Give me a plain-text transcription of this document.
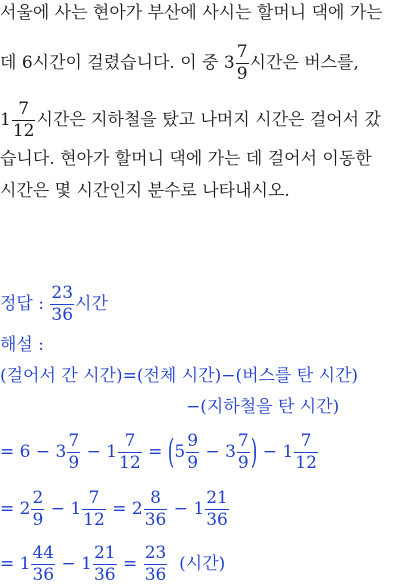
서울에 사는 현아가 부산에 사시는 할머니 댁에 가는
데 6시간이 걸렸습니다. 이 중 $3 \frac{7}{9}$ 시간은 버스를,
$1 \frac{7}{12}$ 시간은 지하철을 탔고 나머지 시간은 걸어서 갔
습니다. 현아가 할머니 댁에 가는 데 걸어서 이동한
시간은 몇 시간인지 분수로 나타내시오.
정답 : $\frac{23}{36}$ 시간
해설 :
(걸어서 간 시간)=(전체 시간)−(버스를 탄 시간)
−(지하철을 탄 시간)
= $6 - 3 \frac{7}{9} - 1 \frac{7}{12} = (5 \frac{9}{9} - 3 \frac{7}{9}$ ) − $1 \frac{7}{12}$
= $2 \frac{2}{9} - 1 \frac{7}{12} = 2 \frac{8}{36} - 1 \frac{21}{36}$
= $1 \frac{44}{36} - 1 \frac{21}{36} = \frac{23}{36}$ (시간)
